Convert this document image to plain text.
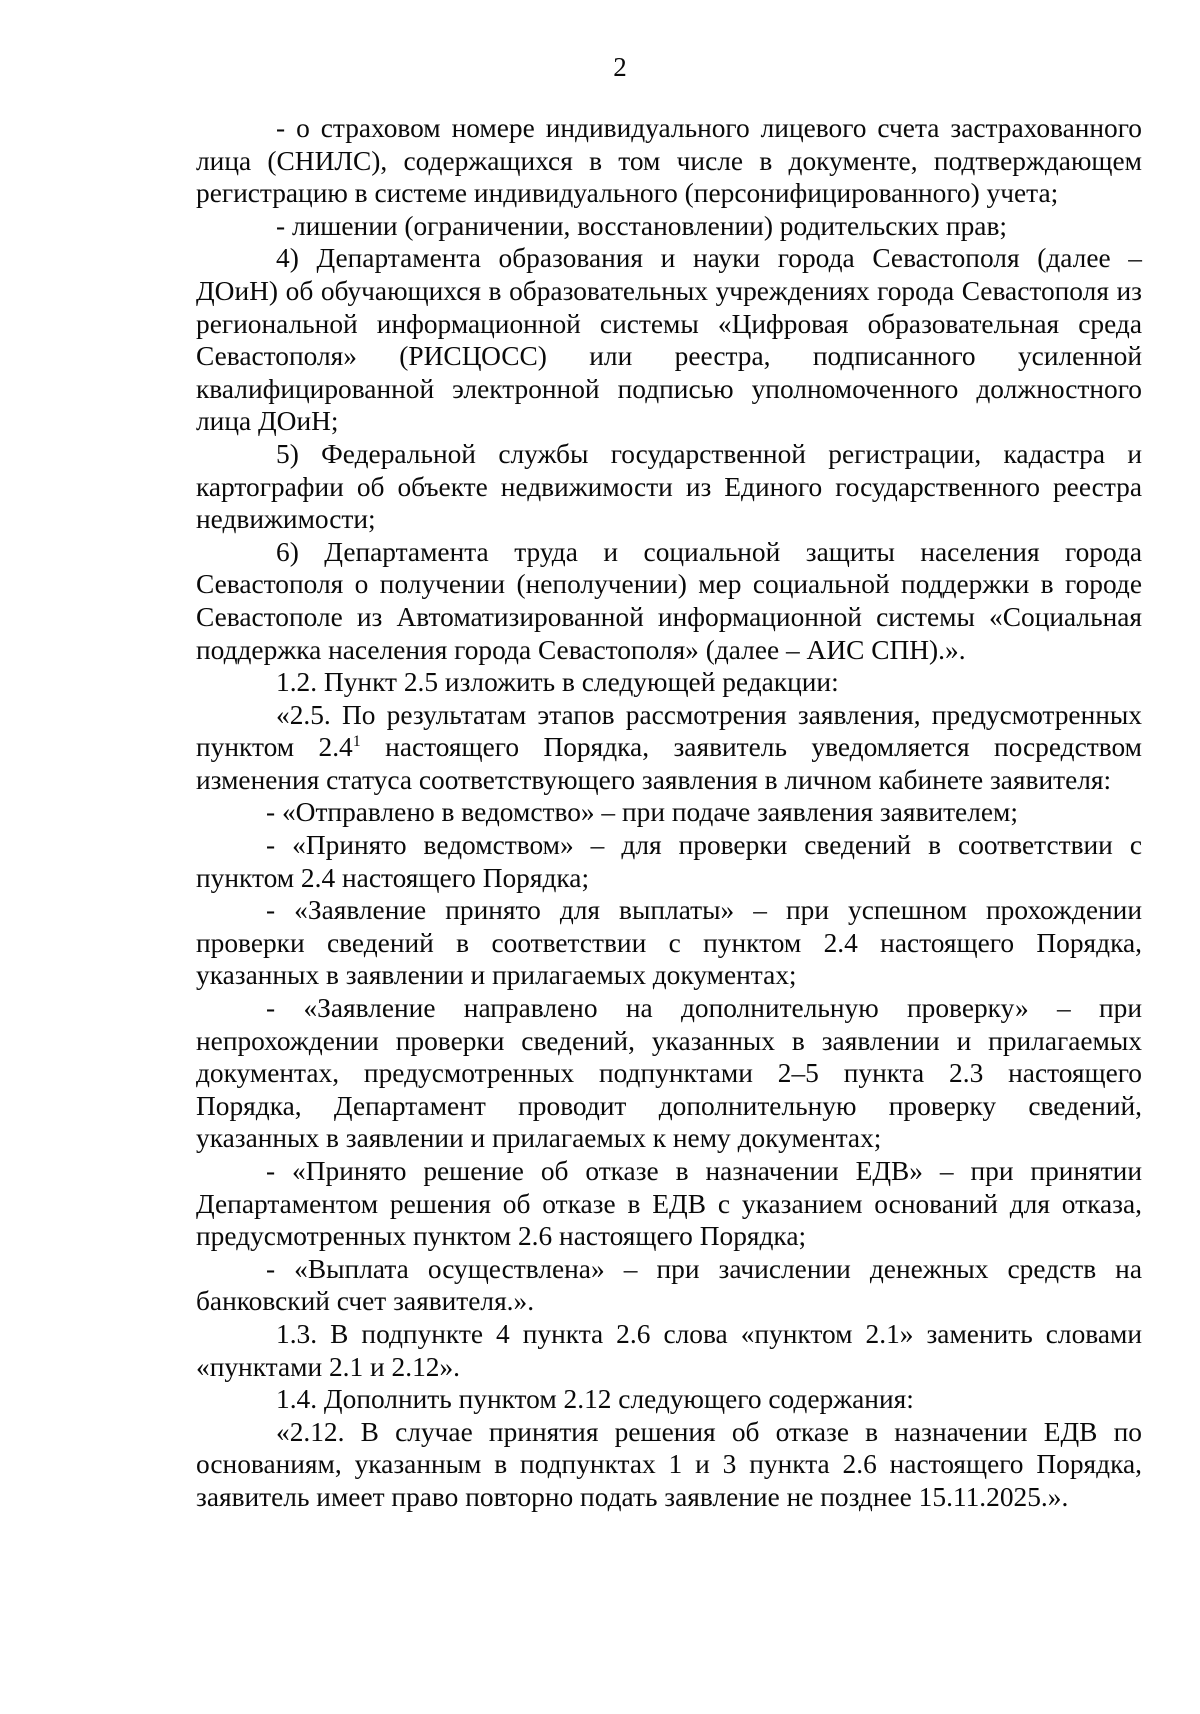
2

- о страховом номере индивидуального лицевого счета застрахованного лица (СНИЛС), содержащихся в том числе в документе, подтверждающем регистрацию в системе индивидуального (персонифицированного) учета;

- лишении (ограничении, восстановлении) родительских прав;

4) Департамента образования и науки города Севастополя (далее – ДОиН) об обучающихся в образовательных учреждениях города Севастополя из региональной информационной системы «Цифровая образовательная среда Севастополя» (РИСЦОСС) или реестра, подписанного усиленной квалифицированной электронной подписью уполномоченного должностного лица ДОиН;

5) Федеральной службы государственной регистрации, кадастра и картографии об объекте недвижимости из Единого государственного реестра недвижимости;

6) Департамента труда и социальной защиты населения города Севастополя о получении (неполучении) мер социальной поддержки в городе Севастополе из Автоматизированной информационной системы «Социальная поддержка населения города Севастополя» (далее – АИС СПН).».

1.2. Пункт 2.5 изложить в следующей редакции:

«2.5. По результатам этапов рассмотрения заявления, предусмотренных пунктом $2.4^1$ настоящего Порядка, заявитель уведомляется посредством изменения статуса соответствующего заявления в личном кабинете заявителя:

- «Отправлено в ведомство» – при подаче заявления заявителем;

- «Принято ведомством» – для проверки сведений в соответствии с пунктом 2.4 настоящего Порядка;

- «Заявление принято для выплаты» – при успешном прохождении проверки сведений в соответствии с пунктом 2.4 настоящего Порядка, указанных в заявлении и прилагаемых документах;

- «Заявление направлено на дополнительную проверку» – при непрохождении проверки сведений, указанных в заявлении и прилагаемых документах, предусмотренных подпунктами 2–5 пункта 2.3 настоящего Порядка, Департамент проводит дополнительную проверку сведений, указанных в заявлении и прилагаемых к нему документах;

- «Принято решение об отказе в назначении ЕДВ» – при принятии Департаментом решения об отказе в ЕДВ с указанием оснований для отказа, предусмотренных пунктом 2.6 настоящего Порядка;

- «Выплата осуществлена» – при зачислении денежных средств на банковский счет заявителя.».

1.3. В подпункте 4 пункта 2.6 слова «пунктом 2.1» заменить словами «пунктами 2.1 и 2.12».

1.4. Дополнить пунктом 2.12 следующего содержания:

«2.12. В случае принятия решения об отказе в назначении ЕДВ по основаниям, указанным в подпунктах 1 и 3 пункта 2.6 настоящего Порядка, заявитель имеет право повторно подать заявление не позднее 15.11.2025.».
